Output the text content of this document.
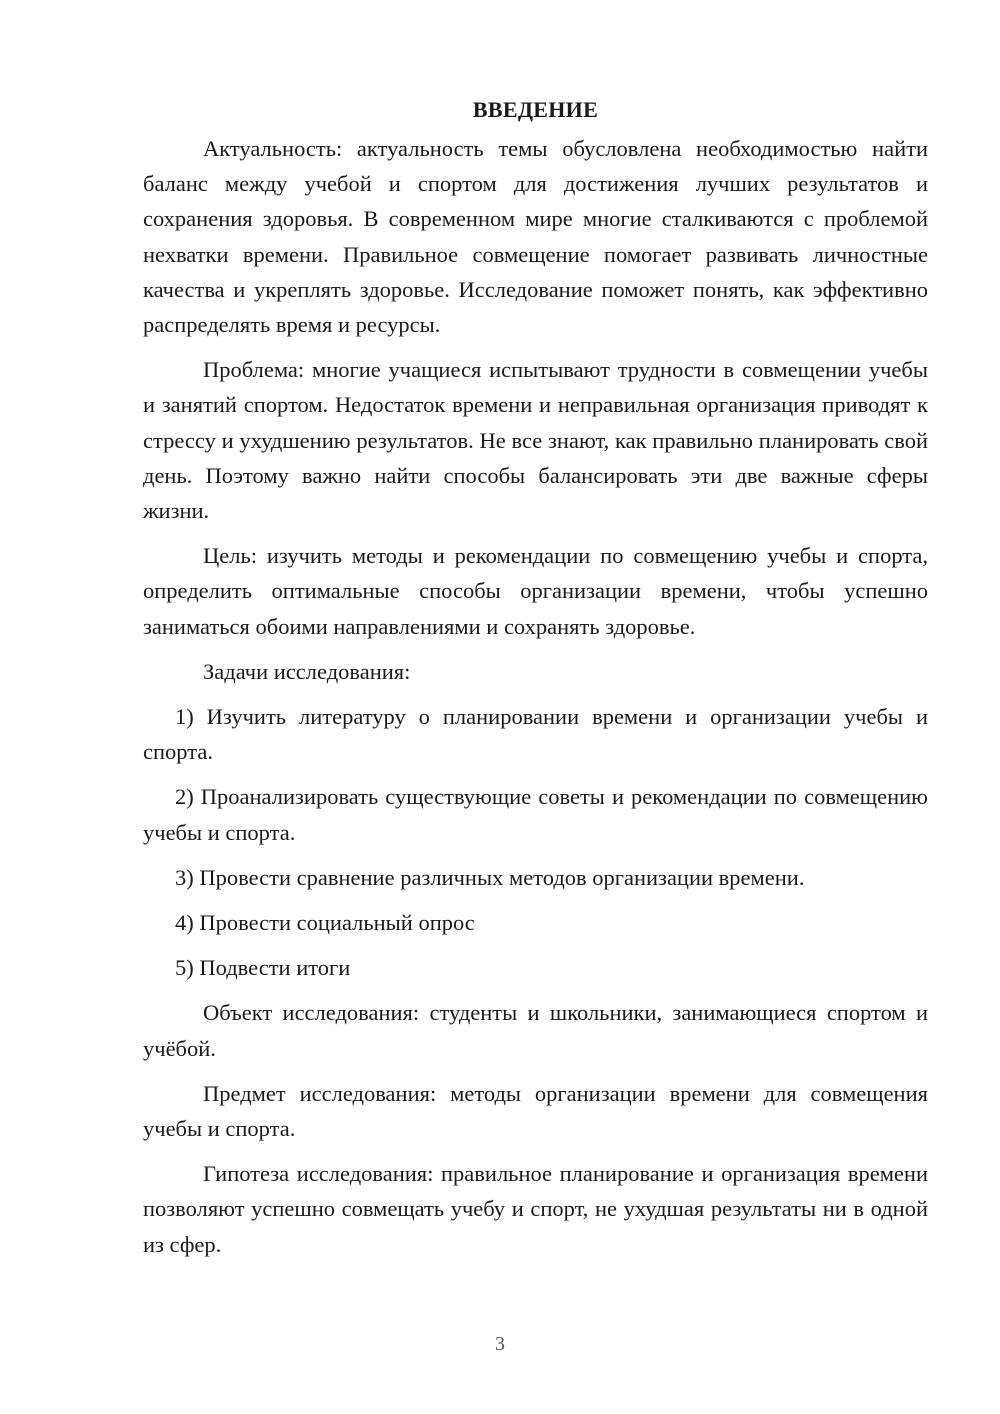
ВВЕДЕНИЕ

Актуальность: актуальность темы обусловлена необходимостью найти баланс между учебой и спортом для достижения лучших результатов и сохранения здоровья. В современном мире многие сталкиваются с проблемой нехватки времени. Правильное совмещение помогает развивать личностные качества и укреплять здоровье. Исследование поможет понять, как эффективно распределять время и ресурсы.

Проблема: многие учащиеся испытывают трудности в совмещении учебы и занятий спортом. Недостаток времени и неправильная организация приводят к стрессу и ухудшению результатов. Не все знают, как правильно планировать свой день. Поэтому важно найти способы балансировать эти две важные сферы жизни.

Цель: изучить методы и рекомендации по совмещению учебы и спорта, определить оптимальные способы организации времени, чтобы успешно заниматься обоими направлениями и сохранять здоровье.

Задачи исследования:

1) Изучить литературу о планировании времени и организации учебы и спорта.

2) Проанализировать существующие советы и рекомендации по совмещению учебы и спорта.

3) Провести сравнение различных методов организации времени.

4) Провести социальный опрос

5) Подвести итоги

Объект исследования: студенты и школьники, занимающиеся спортом и учёбой.

Предмет исследования: методы организации времени для совмещения учебы и спорта.

Гипотеза исследования: правильное планирование и организация времени позволяют успешно совмещать учебу и спорт, не ухудшая результаты ни в одной из сфер.

3
